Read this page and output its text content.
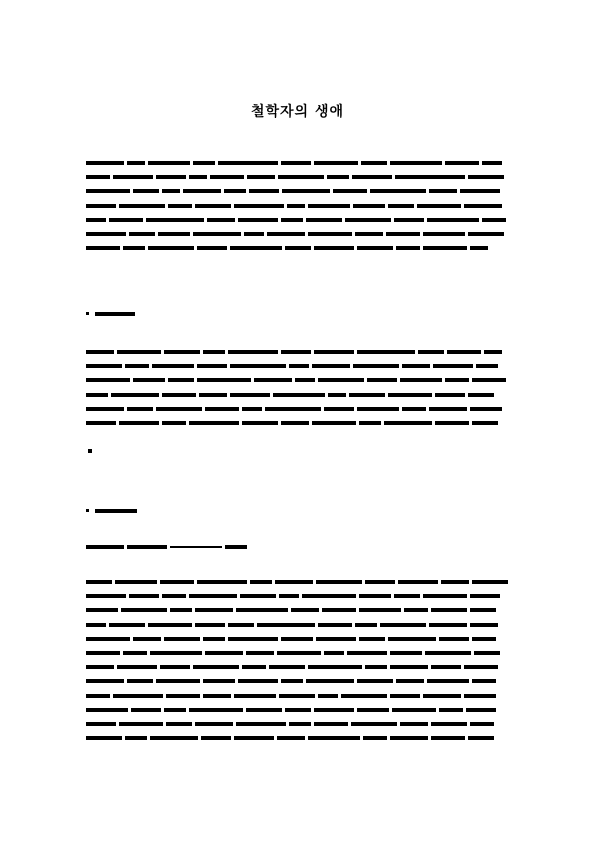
철학자의 생애
